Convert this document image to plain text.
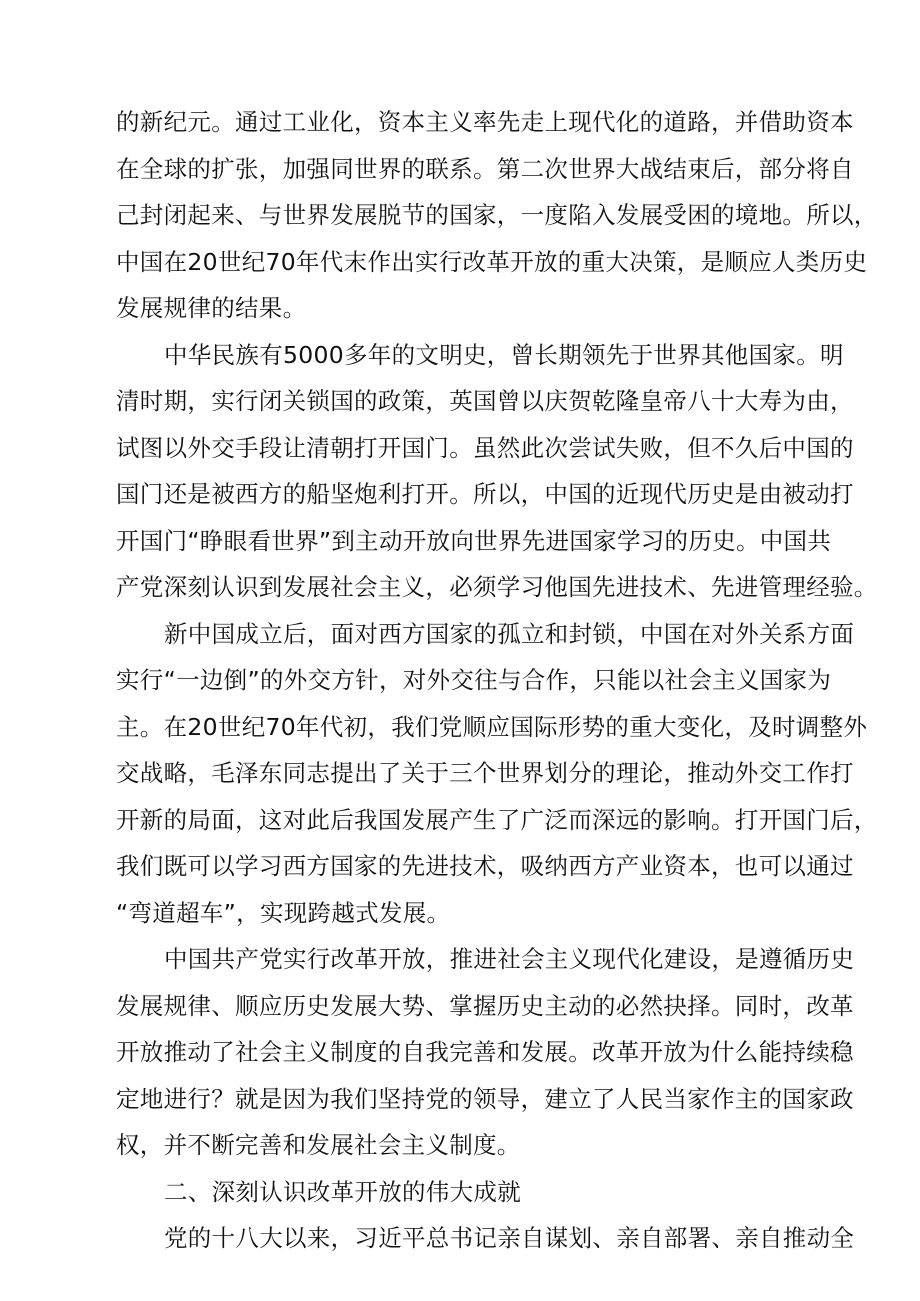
的新纪元。通过工业化，资本主义率先走上现代化的道路，并借助资本
在全球的扩张，加强同世界的联系。第二次世界大战结束后，部分将自
己封闭起来、与世界发展脱节的国家，一度陷入发展受困的境地。所以，
中国在20世纪70年代末作出实行改革开放的重大决策，是顺应人类历史
发展规律的结果。
中华民族有5000多年的文明史，曾长期领先于世界其他国家。明
清时期，实行闭关锁国的政策，英国曾以庆贺乾隆皇帝八十大寿为由，
试图以外交手段让清朝打开国门。虽然此次尝试失败，但不久后中国的
国门还是被西方的船坚炮利打开。所以，中国的近现代历史是由被动打
开国门“睁眼看世界”到主动开放向世界先进国家学习的历史。中国共
产党深刻认识到发展社会主义，必须学习他国先进技术、先进管理经验。
新中国成立后，面对西方国家的孤立和封锁，中国在对外关系方面
实行“一边倒”的外交方针，对外交往与合作，只能以社会主义国家为
主。在20世纪70年代初，我们党顺应国际形势的重大变化，及时调整外
交战略，毛泽东同志提出了关于三个世界划分的理论，推动外交工作打
开新的局面，这对此后我国发展产生了广泛而深远的影响。打开国门后，
我们既可以学习西方国家的先进技术，吸纳西方产业资本，也可以通过
“弯道超车”，实现跨越式发展。
中国共产党实行改革开放，推进社会主义现代化建设，是遵循历史
发展规律、顺应历史发展大势、掌握历史主动的必然抉择。同时，改革
开放推动了社会主义制度的自我完善和发展。改革开放为什么能持续稳
定地进行？就是因为我们坚持党的领导，建立了人民当家作主的国家政
权，并不断完善和发展社会主义制度。
二、深刻认识改革开放的伟大成就
党的十八大以来，习近平总书记亲自谋划、亲自部署、亲自推动全
